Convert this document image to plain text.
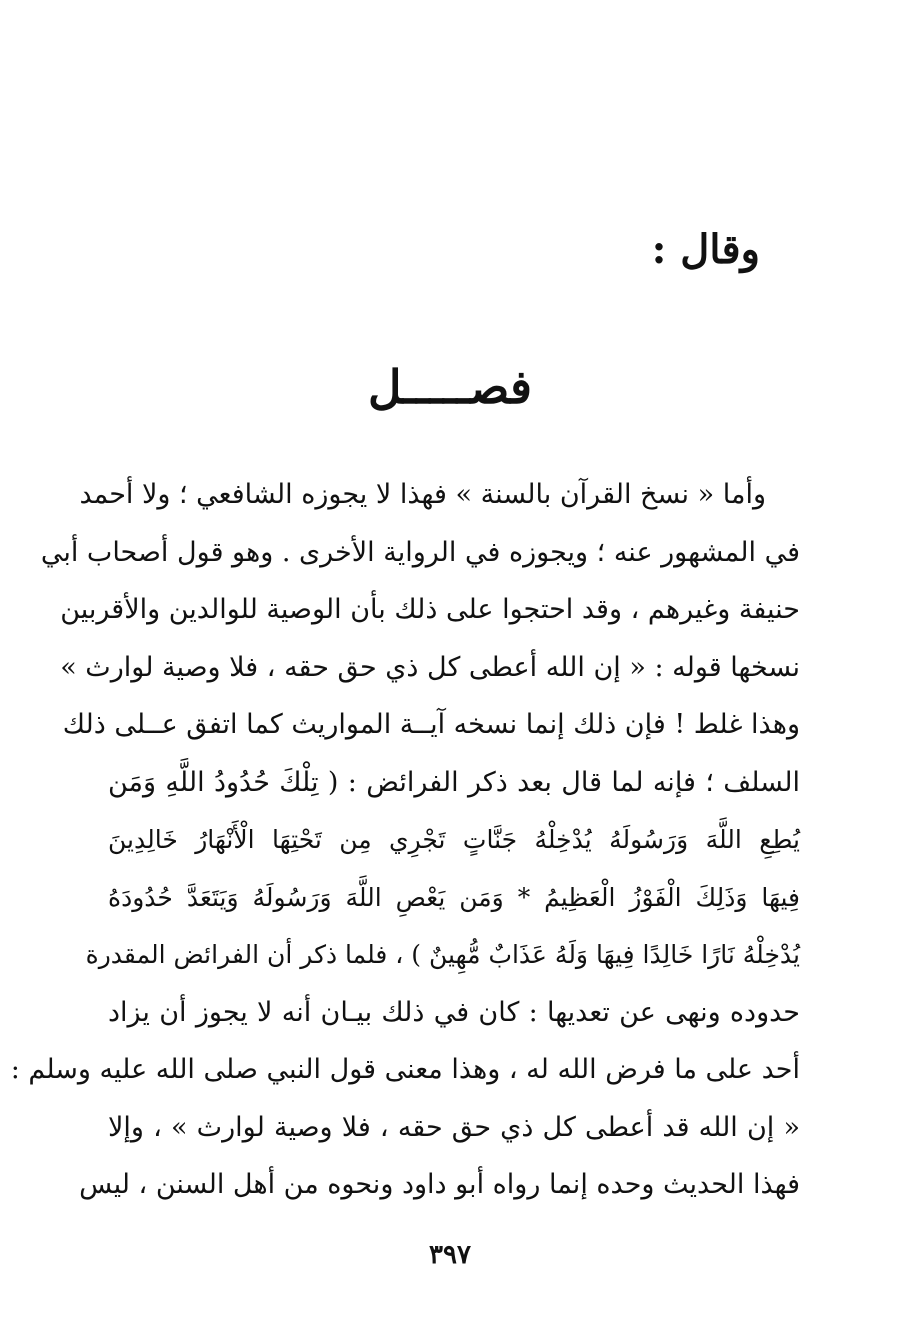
وقال :
فصـــــل
وأما « نسخ القرآن بالسنة » فهذا لا يجوزه الشافعي ؛ ولا أحمد
في المشهور عنه ؛ ويجوزه في الرواية الأخرى . وهو قول أصحاب أبي
حنيفة وغيرهم ، وقد احتجوا على ذلك بأن الوصية للوالدين والأقربين
نسخها قوله : « إن الله أعطى كل ذي حق حقه ، فلا وصية لوارث »
وهذا غلط ! فإن ذلك إنما نسخه آيــة المواريث كما اتفق عــلى ذلك
السلف ؛ فإنه لما قال بعد ذكر الفرائض : ( تِلْكَ حُدُودُ اللَّهِ وَمَن
يُطِعِ اللَّهَ وَرَسُولَهُ يُدْخِلْهُ جَنَّاتٍ تَجْرِي مِن تَحْتِهَا الْأَنْهَارُ خَالِدِينَ
فِيهَا وَذَلِكَ الْفَوْزُ الْعَظِيمُ * وَمَن يَعْصِ اللَّهَ وَرَسُولَهُ وَيَتَعَدَّ حُدُودَهُ
يُدْخِلْهُ نَارًا خَالِدًا فِيهَا وَلَهُ عَذَابٌ مُّهِينٌ ) ، فلما ذكر أن الفرائض المقدرة
حدوده ونهى عن تعديها : كان في ذلك بيـان أنه لا يجوز أن يزاد
أحد على ما فرض الله له ، وهذا معنى قول النبي صلى الله عليه وسلم :
« إن الله قد أعطى كل ذي حق حقه ، فلا وصية لوارث » ، وإلا
فهذا الحديث وحده إنما رواه أبو داود ونحوه من أهل السنن ، ليس
٣٩٧
